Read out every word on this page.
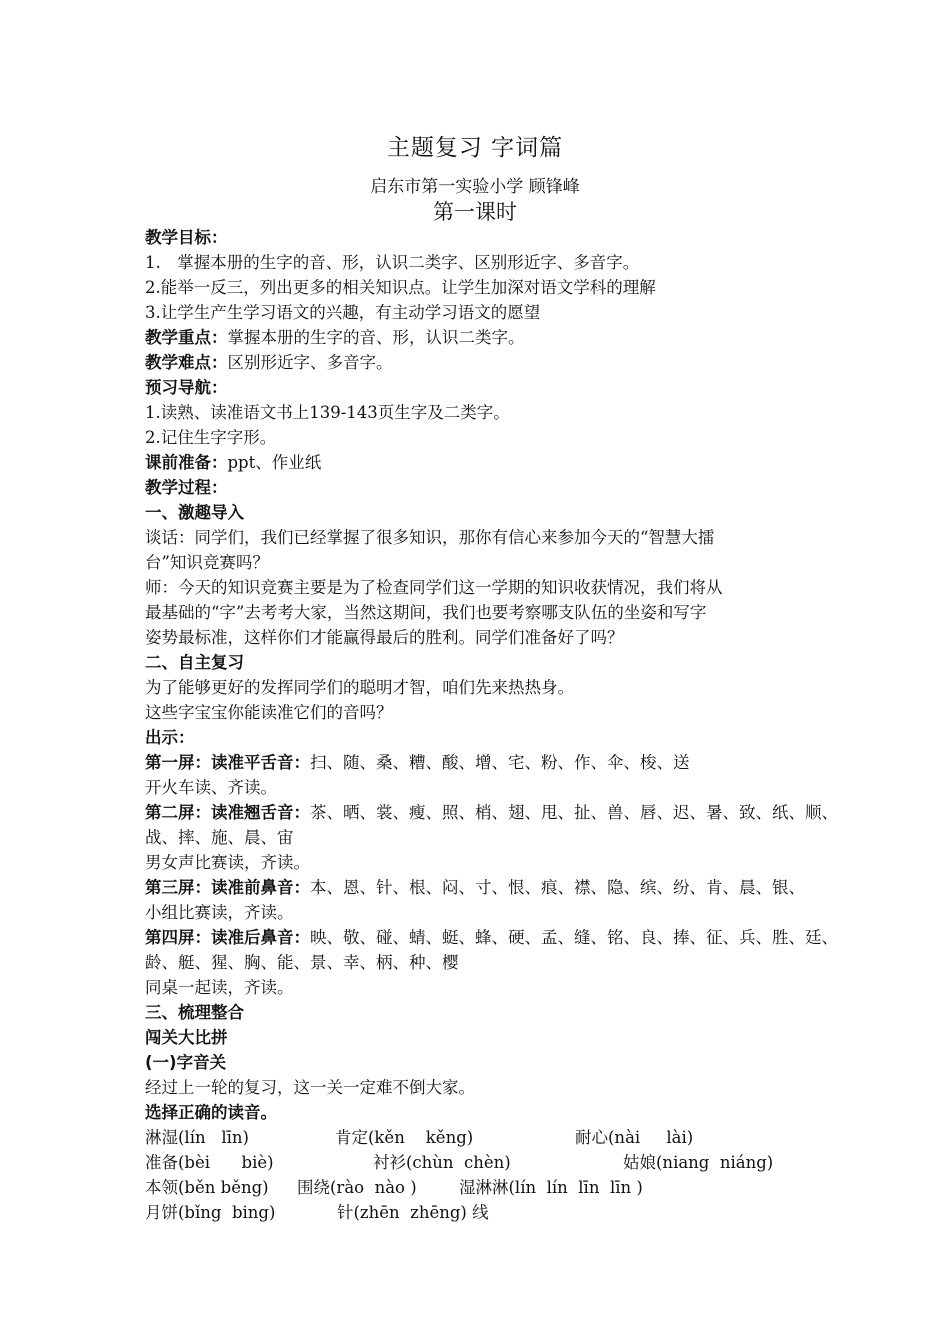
主题复习 字词篇
启东市第一实验小学 顾锋峰
第一课时
教学目标：
1.　掌握本册的生字的音、形，认识二类字、区别形近字、多音字。
2.能举一反三，列出更多的相关知识点。让学生加深对语文学科的理解
3.让学生产生学习语文的兴趣，有主动学习语文的愿望
教学重点：掌握本册的生字的音、形，认识二类字。
教学难点：区别形近字、多音字。
预习导航：
1.读熟、读准语文书上139-143页生字及二类字。
2.记住生字字形。
课前准备：ppt、作业纸
教学过程：
一、激趣导入
谈话：同学们，我们已经掌握了很多知识，那你有信心来参加今天的“智慧大擂
台”知识竞赛吗？
师：今天的知识竞赛主要是为了检查同学们这一学期的知识收获情况，我们将从
最基础的“字”去考考大家，当然这期间，我们也要考察哪支队伍的坐姿和写字
姿势最标准，这样你们才能赢得最后的胜利。同学们准备好了吗？
二、自主复习
为了能够更好的发挥同学们的聪明才智，咱们先来热热身。
这些字宝宝你能读准它们的音吗？
出示：
第一屏：读准平舌音：扫、随、桑、糟、酸、增、宅、粉、作、伞、梭、送
开火车读、齐读。
第二屏：读准翘舌音：茶、晒、裳、瘦、照、梢、翅、甩、扯、兽、唇、迟、暑、致、纸、顺、
战、摔、施、晨、宙
男女声比赛读，齐读。
第三屏：读准前鼻音：本、恩、针、根、闷、寸、恨、痕、襟、隐、缤、纷、肯、晨、银、
小组比赛读，齐读。
第四屏：读准后鼻音：映、敬、碰、蜻、蜓、蜂、硬、孟、缝、铭、良、捧、征、兵、胜、廷、
龄、艇、猩、胸、能、景、幸、柄、种、樱
同桌一起读，齐读。
三、梳理整合
闯关大比拼
(一)字音关
经过上一轮的复习，这一关一定难不倒大家。
选择正确的读音。
淋湿(lín   līn)	肯定(kěn    kěng)	耐心(nài     lài)
准备(bèi      biè)	衬衫(chùn  chèn)	姑娘(niang  niáng)
本领(běn běng)	围绕(rào  nào )	湿淋淋(lín  lín  līn  līn )
月饼(bǐng  bing)	针(zhēn  zhēng) 线
